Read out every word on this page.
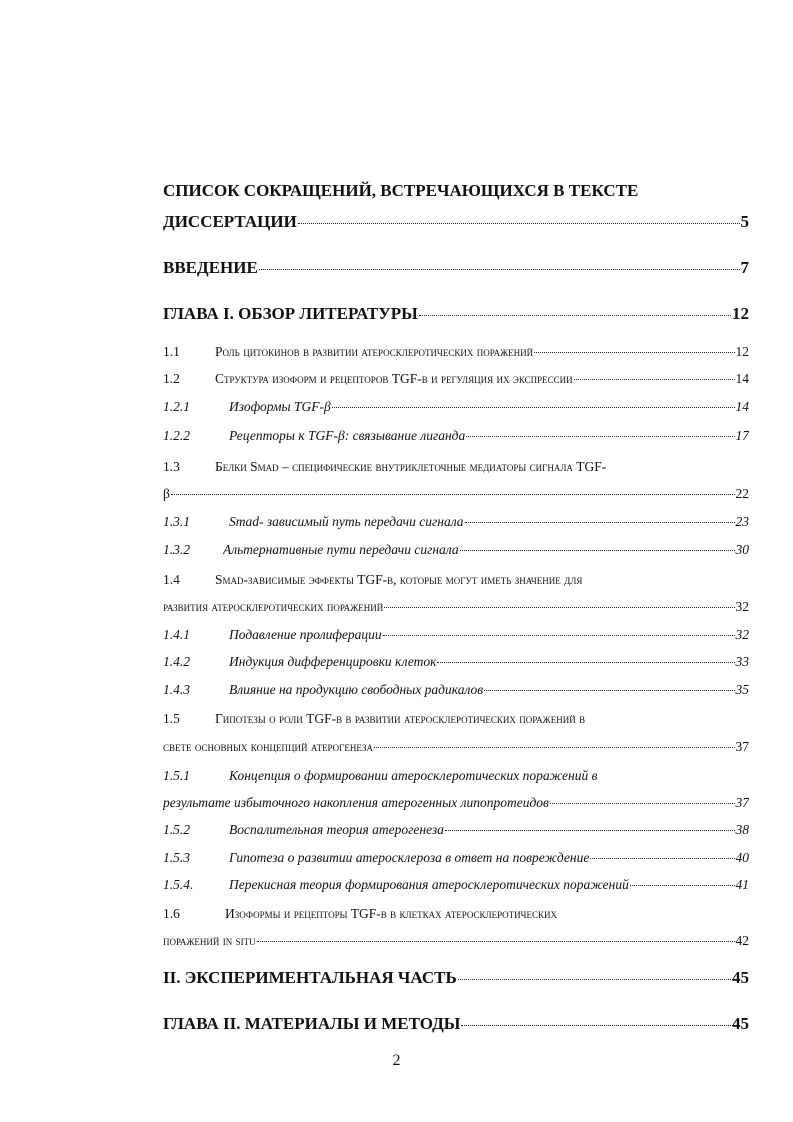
СПИСОК СОКРАЩЕНИЙ, ВСТРЕЧАЮЩИХСЯ В ТЕКСТЕ
ДИССЕРТАЦИИ	5
ВВЕДЕНИЕ	7
ГЛАВА I. ОБЗОР ЛИТЕРАТУРЫ	12
1.1	Роль цитокинов в развитии атеросклеротических поражений	12
1.2	Структура изоформ и рецепторов TGF-β и регуляция их экспрессии	14
1.2.1	Изоформы TGF-β	14
1.2.2	Рецепторы к TGF-β: связывание лиганда	17
1.3	Белки Smad – специфические внутриклеточные медиаторы сигнала TGF-
β	22
1.3.1	Smad- зависимый путь передачи сигнала	23
1.3.2	Альтернативные пути передачи сигнала	30
1.4	Smad-зависимые эффекты TGF-β, которые могут иметь значение для
развития атеросклеротических поражений	32
1.4.1	Подавление пролиферации	32
1.4.2	Индукция дифференцировки клеток	33
1.4.3	Влияние на продукцию свободных радикалов	35
1.5	Гипотезы о роли TGF-β в развитии атеросклеротических поражений в
свете основных концепций атерогенеза	37
1.5.1	Концепция о формировании атеросклеротических поражений в
результате избыточного накопления атерогенных липопротеидов	37
1.5.2	Воспалительная теория атерогенеза	38
1.5.3	Гипотеза о развитии атеросклероза в ответ на повреждение	40
1.5.4.	Перекисная теория формирования атеросклеротических поражений	41
1.6	Изоформы и рецепторы TGF-β в клетках атеросклеротических
поражений in situ	42
II. ЭКСПЕРИМЕНТАЛЬНАЯ ЧАСТЬ	45
ГЛАВА II. МАТЕРИАЛЫ И МЕТОДЫ	45
2
